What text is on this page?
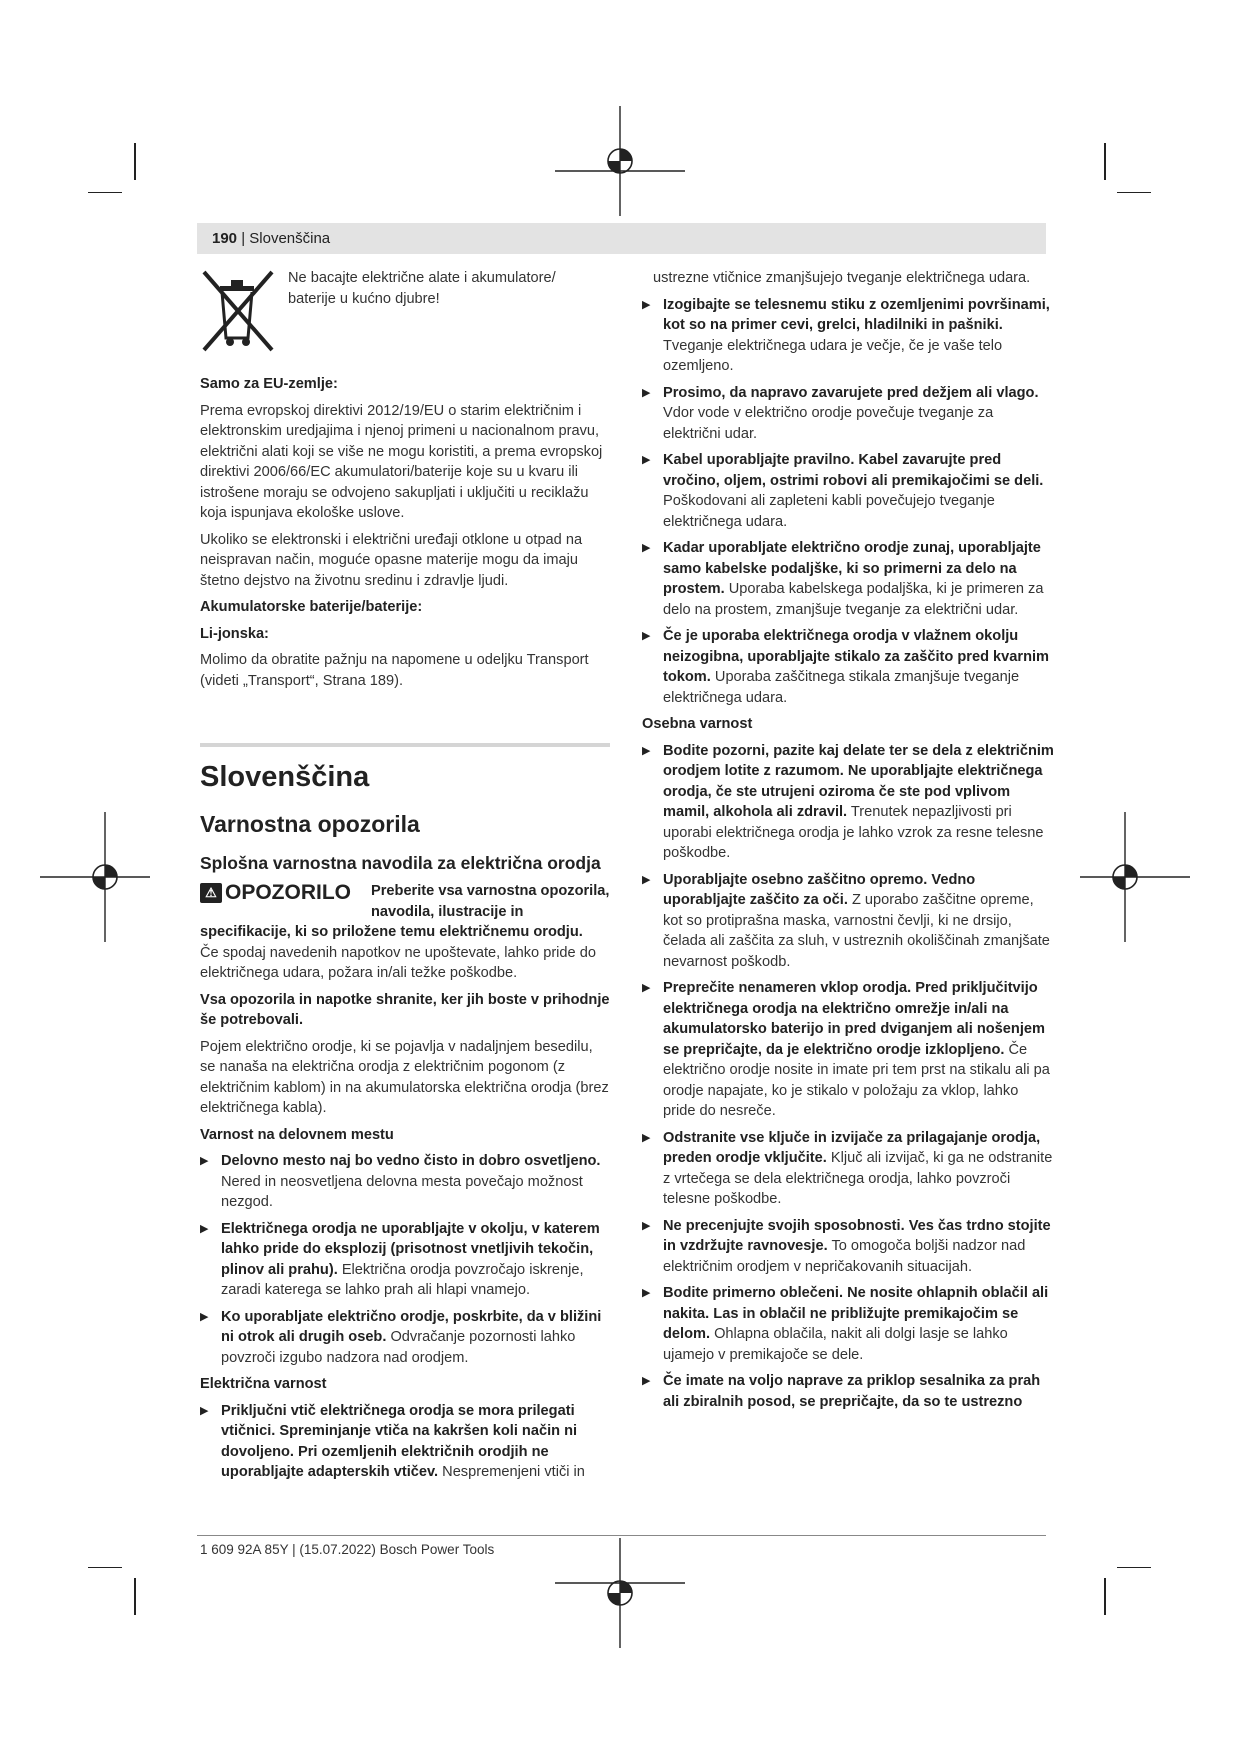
190 | Slovenščina
Ne bacajte električne alate i akumulatore/ baterije u kućno djubre!

Samo za EU-zemlje:

Prema evropskoj direktivi 2012/19/EU o starim električnim i elektronskim uredjajima i njenoj primeni u nacionalnom pravu, električni alati koji se više ne mogu koristiti, a prema evropskoj direktivi 2006/66/EC akumulatori/baterije koje su u kvaru ili istrošene moraju se odvojeno sakupljati i uključiti u reciklažu koja ispunjava ekološke uslove.

Ukoliko se elektronski i električni uređaji otklone u otpad na neispravan način, moguće opasne materije mogu da imaju štetno dejstvo na životnu sredinu i zdravlje ljudi.

Akumulatorske baterije/baterije:

Li-jonska:

Molimo da obratite pažnju na napomene u odeljku Transport (videti „Transport“, Strana 189).

Slovenščina
Varnostna opozorila
Splošna varnostna navodila za električna orodja
⚠ OPOZORILO Preberite vsa varnostna opozorila, navodila, ilustracije in

specifikacije, ki so priložene temu električnemu orodju.

Če spodaj navedenih napotkov ne upoštevate, lahko pride do električnega udara, požara in/ali težke poškodbe.

Vsa opozorila in napotke shranite, ker jih boste v prihodnje še potrebovali.

Pojem električno orodje, ki se pojavlja v nadaljnjem besedilu, se nanaša na električna orodja z električnim pogonom (z električnim kablom) in na akumulatorska električna orodja (brez električnega kabla).

Varnost na delovnem mestu

▶ Delovno mesto naj bo vedno čisto in dobro osvetljeno. Nered in neosvetljena delovna mesta povečajo možnost nezgod.
▶ Električnega orodja ne uporabljajte v okolju, v katerem lahko pride do eksplozij (prisotnost vnetljivih tekočin, plinov ali prahu). Električna orodja povzročajo iskrenje, zaradi katerega se lahko prah ali hlapi vnamejo.
▶ Ko uporabljate električno orodje, poskrbite, da v bližini ni otrok ali drugih oseb. Odvračanje pozornosti lahko povzroči izgubo nadzora nad orodjem.

Električna varnost

▶ Priključni vtič električnega orodja se mora prilegati vtičnici. Spreminjanje vtiča na kakršen koli način ni dovoljeno. Pri ozemljenih električnih orodjih ne uporabljajte adapterskih vtičev. Nespremenjeni vtiči in

ustrezne vtičnice zmanjšujejo tveganje električnega udara.

▶ Izogibajte se telesnemu stiku z ozemljenimi površinami, kot so na primer cevi, grelci, hladilniki in pašniki. Tveganje električnega udara je večje, če je vaše telo ozemljeno.
▶ Prosimo, da napravo zavarujete pred dežjem ali vlago. Vdor vode v električno orodje povečuje tveganje za električni udar.
▶ Kabel uporabljajte pravilno. Kabel zavarujte pred vročino, oljem, ostrimi robovi ali premikajočimi se deli. Poškodovani ali zapleteni kabli povečujejo tveganje električnega udara.
▶ Kadar uporabljate električno orodje zunaj, uporabljajte samo kabelske podaljške, ki so primerni za delo na prostem. Uporaba kabelskega podaljška, ki je primeren za delo na prostem, zmanjšuje tveganje za električni udar.
▶ Če je uporaba električnega orodja v vlažnem okolju neizogibna, uporabljajte stikalo za zaščito pred kvarnim tokom. Uporaba zaščitnega stikala zmanjšuje tveganje električnega udara.

Osebna varnost

▶ Bodite pozorni, pazite kaj delate ter se dela z električnim orodjem lotite z razumom. Ne uporabljajte električnega orodja, če ste utrujeni oziroma če ste pod vplivom mamil, alkohola ali zdravil. Trenutek nepazljivosti pri uporabi električnega orodja je lahko vzrok za resne telesne poškodbe.
▶ Uporabljajte osebno zaščitno opremo. Vedno uporabljajte zaščito za oči. Z uporabo zaščitne opreme, kot so protiprašna maska, varnostni čevlji, ki ne drsijo, čelada ali zaščita za sluh, v ustreznih okoliščinah zmanjšate nevarnost poškodb.
▶ Preprečite nenameren vklop orodja. Pred priključitvijo električnega orodja na električno omrežje in/ali na akumulatorsko baterijo in pred dviganjem ali nošenjem se prepričajte, da je električno orodje izklopljeno. Če električno orodje nosite in imate pri tem prst na stikalu ali pa orodje napajate, ko je stikalo v položaju za vklop, lahko pride do nesreče.
▶ Odstranite vse ključe in izvijače za prilagajanje orodja, preden orodje vključite. Ključ ali izvijač, ki ga ne odstranite z vrtečega se dela električnega orodja, lahko povzroči telesne poškodbe.
▶ Ne precenjujte svojih sposobnosti. Ves čas trdno stojite in vzdržujte ravnovesje. To omogoča boljši nadzor nad električnim orodjem v nepričakovanih situacijah.
▶ Bodite primerno oblečeni. Ne nosite ohlapnih oblačil ali nakita. Las in oblačil ne približujte premikajočim se delom. Ohlapna oblačila, nakit ali dolgi lasje se lahko ujamejo v premikajoče se dele.
▶ Če imate na voljo naprave za priklop sesalnika za prah ali zbiralnih posod, se prepričajte, da so te ustrezno
1 609 92A 85Y | (15.07.2022) Bosch Power Tools
